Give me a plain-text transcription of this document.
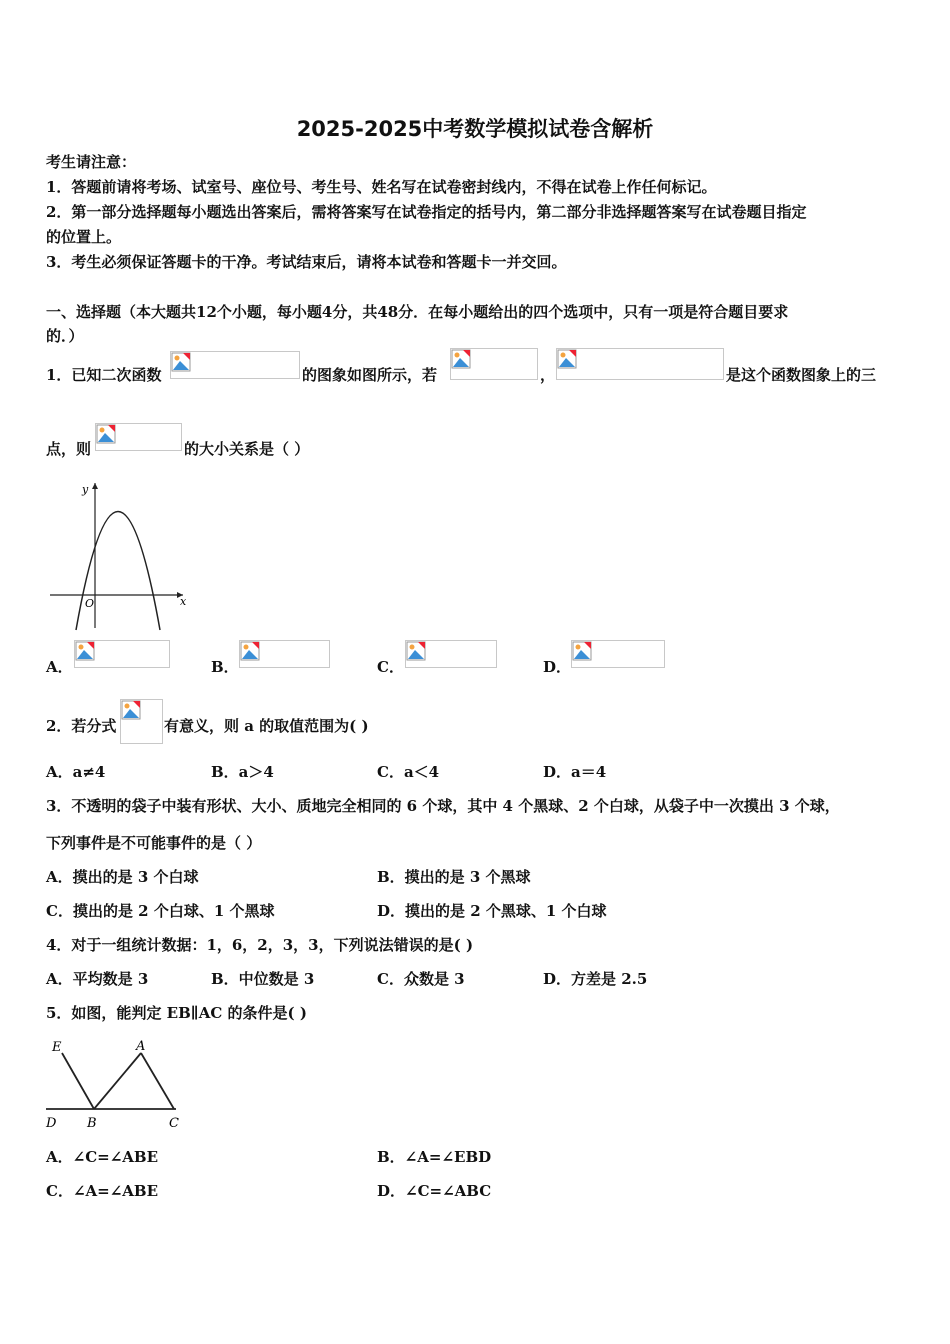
2025-2025中考数学模拟试卷含解析
考生请注意：
1．答题前请将考场、试室号、座位号、考生号、姓名写在试卷密封线内，不得在试卷上作任何标记。
2．第一部分选择题每小题选出答案后，需将答案写在试卷指定的括号内，第二部分非选择题答案写在试卷题目指定
的位置上。
3．考生必须保证答题卡的干净。考试结束后，请将本试卷和答题卡一并交回。
一、选择题（本大题共12个小题，每小题4分，共48分．在每小题给出的四个选项中，只有一项是符合题目要求
的．）
1．已知二次函数	的图象如图所示，若	，	是这个函数图象上的三
点，则	的大小关系是（ ）
y
x
O
A．	B．	C．	D．
2．若分式	有意义，则 a 的取值范围为( )
A．a≠4	B．a＞4	C．a＜4	D．a＝4
3．不透明的袋子中装有形状、大小、质地完全相同的 6 个球，其中 4 个黑球、2 个白球，从袋子中一次摸出 3 个球，
下列事件是不可能事件的是（ ）
A．摸出的是 3 个白球	B．摸出的是 3 个黑球
C．摸出的是 2 个白球、1 个黑球	D．摸出的是 2 个黑球、1 个白球
4．对于一组统计数据：1，6，2，3，3，下列说法错误的是( )
A．平均数是 3	B．中位数是 3	C．众数是 3	D．方差是 2.5
5．如图，能判定 EB∥AC 的条件是( )
E	A
D B	C
A．∠C=∠ABE	B．∠A=∠EBD
C．∠A=∠ABE	D．∠C=∠ABC
